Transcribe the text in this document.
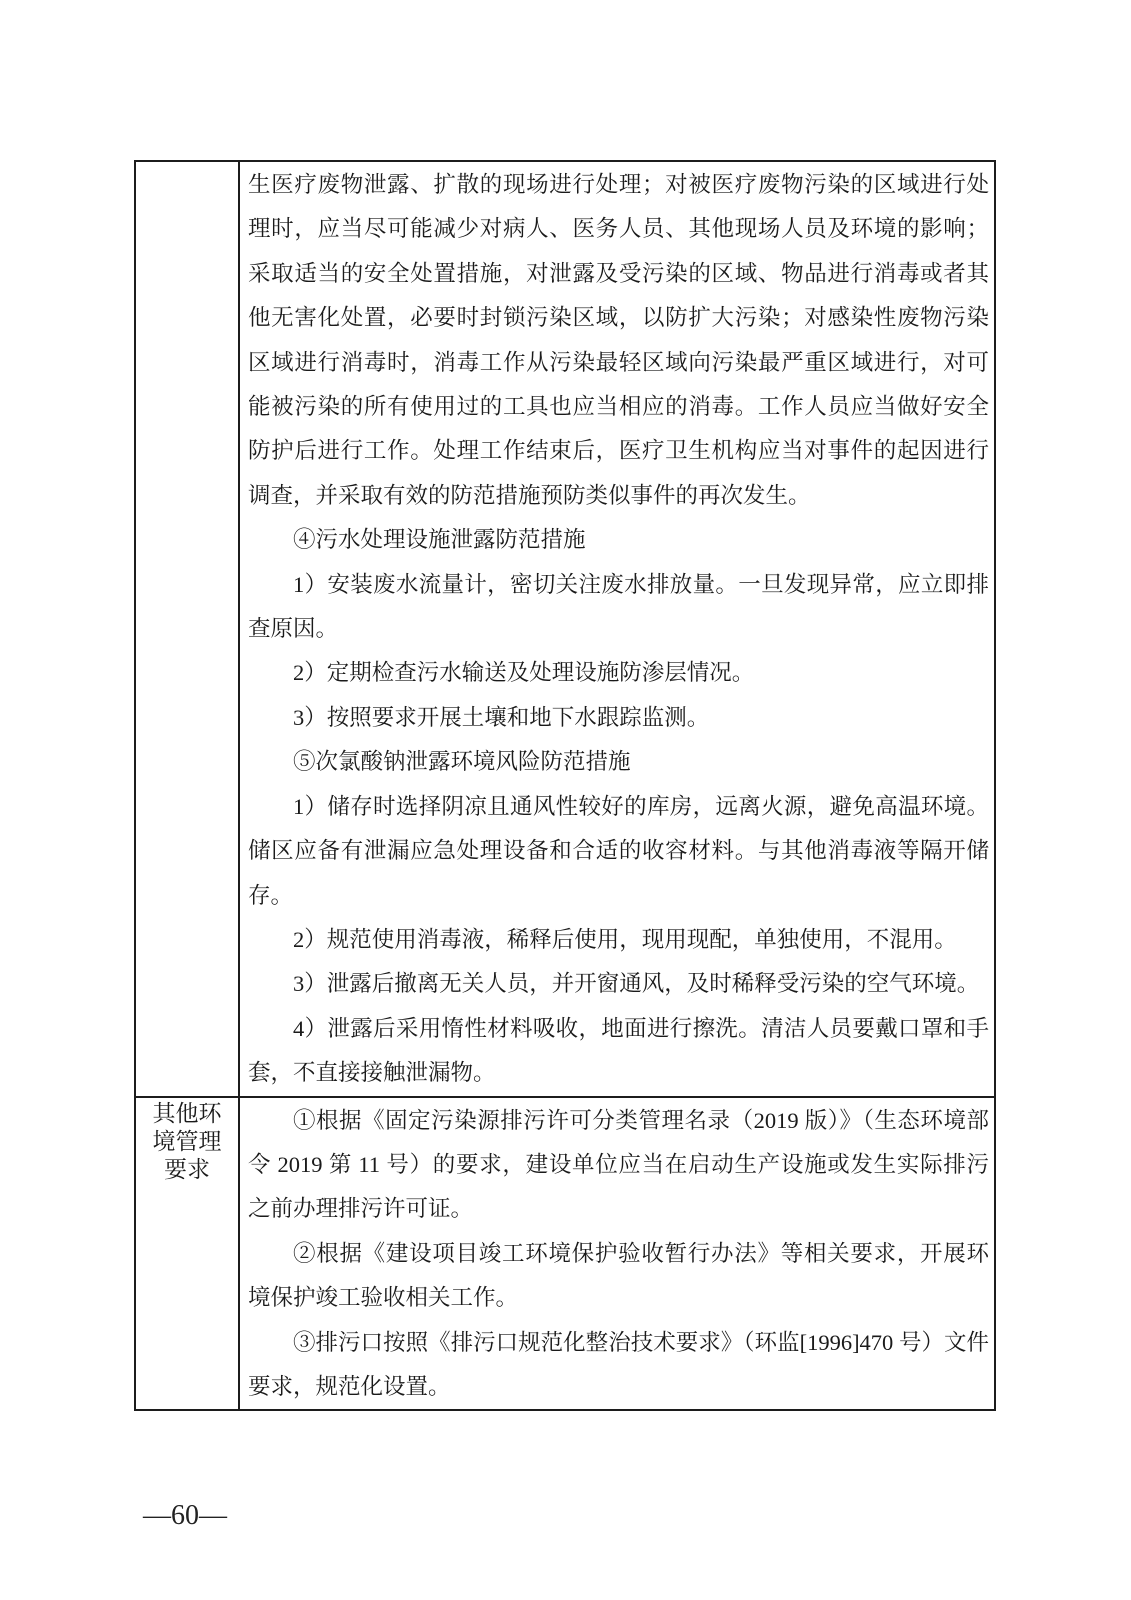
生医疗废物泄露、扩散的现场进行处理；对被医疗废物污染的区域进行处理时，应当尽可能减少对病人、医务人员、其他现场人员及环境的影响；采取适当的安全处置措施，对泄露及受污染的区域、物品进行消毒或者其他无害化处置，必要时封锁污染区域，以防扩大污染；对感染性废物污染区域进行消毒时，消毒工作从污染最轻区域向污染最严重区域进行，对可能被污染的所有使用过的工具也应当相应的消毒。工作人员应当做好安全防护后进行工作。处理工作结束后，医疗卫生机构应当对事件的起因进行调查，并采取有效的防范措施预防类似事件的再次发生。

④污水处理设施泄露防范措施

1）安装废水流量计，密切关注废水排放量。一旦发现异常，应立即排查原因。

2）定期检查污水输送及处理设施防渗层情况。

3）按照要求开展土壤和地下水跟踪监测。

⑤次氯酸钠泄露环境风险防范措施

1）储存时选择阴凉且通风性较好的库房，远离火源，避免高温环境。储区应备有泄漏应急处理设备和合适的收容材料。与其他消毒液等隔开储存。

2）规范使用消毒液，稀释后使用，现用现配，单独使用，不混用。

3）泄露后撤离无关人员，并开窗通风，及时稀释受污染的空气环境。

4）泄露后采用惰性材料吸收，地面进行擦洗。清洁人员要戴口罩和手套，不直接接触泄漏物。

其他环境管理要求	①根据《固定污染源排污许可分类管理名录（2019 版）》（生态环境部令 2019 第 11 号）的要求，建设单位应当在启动生产设施或发生实际排污之前办理排污许可证。

②根据《建设项目竣工环境保护验收暂行办法》等相关要求，开展环境保护竣工验收相关工作。

③排污口按照《排污口规范化整治技术要求》（环监[1996]470 号）文件要求，规范化设置。

—60—
